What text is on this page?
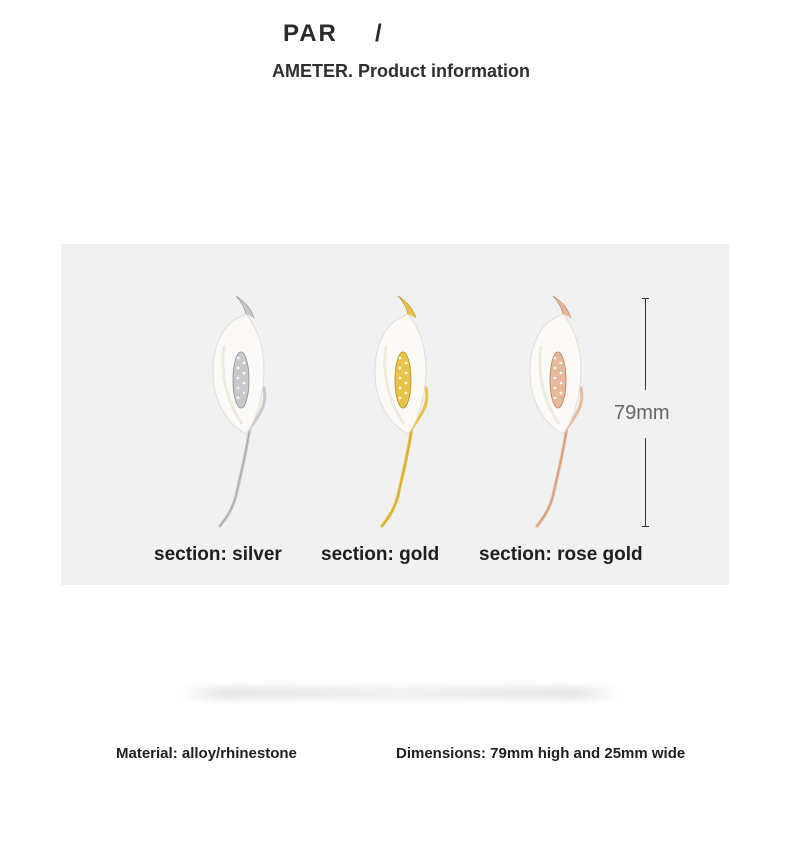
PAR /
AMETER. Product information
section: silver section: gold section: rose gold
79mm
Material: alloy/rhinestone	Dimensions: 79mm high and 25mm wide
